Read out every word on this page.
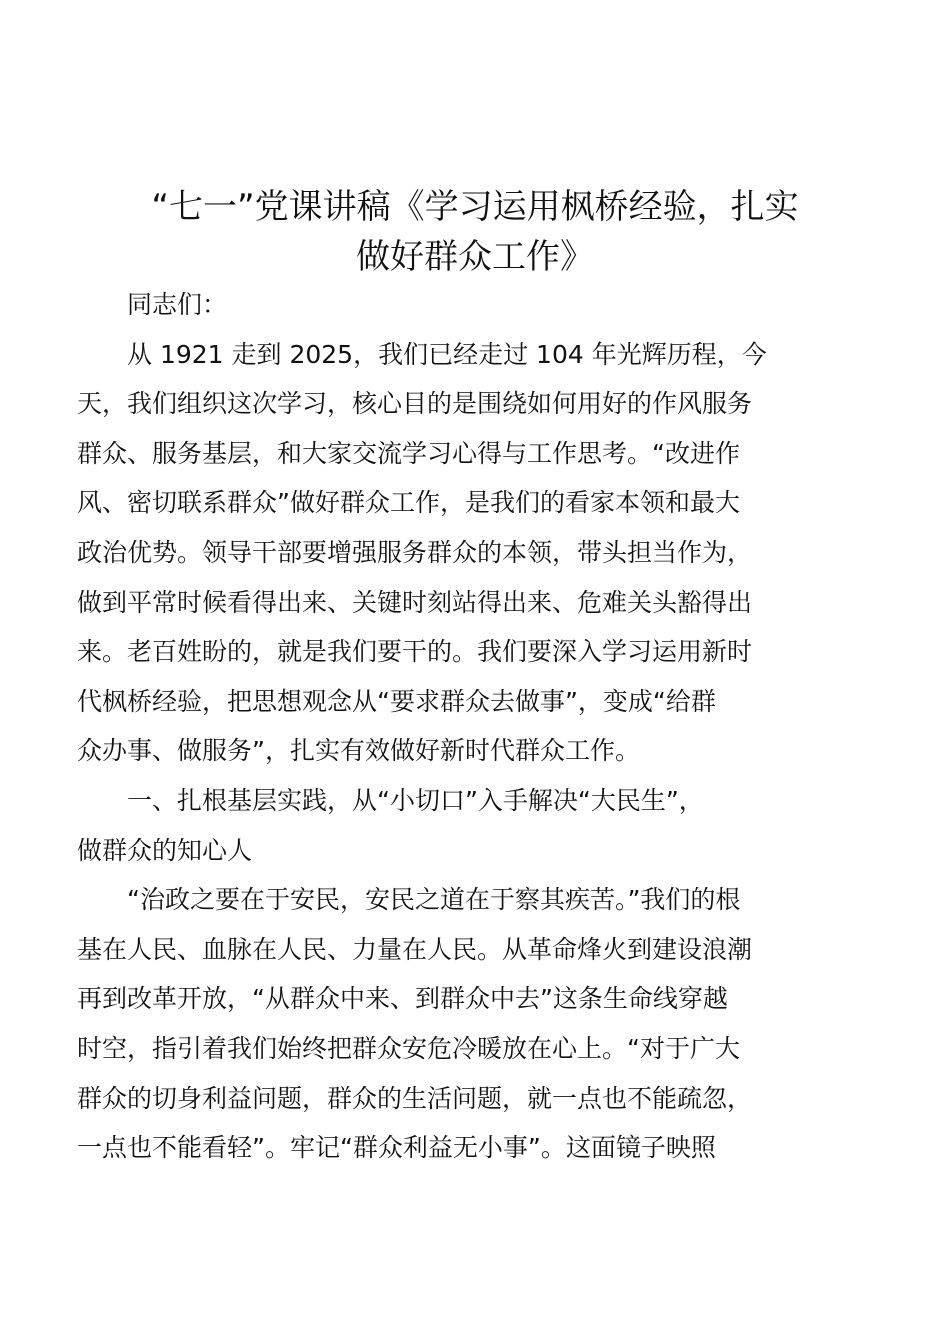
“七一”党课讲稿《学习运用枫桥经验，扎实
做好群众工作》

同志们：

从 1921 走到 2025，我们已经走过 104 年光辉历程，今
天，我们组织这次学习，核心目的是围绕如何用好的作风服务
群众、服务基层，和大家交流学习心得与工作思考。“改进作
风、密切联系群众”做好群众工作，是我们的看家本领和最大
政治优势。领导干部要增强服务群众的本领，带头担当作为，
做到平常时候看得出来、关键时刻站得出来、危难关头豁得出
来。老百姓盼的，就是我们要干的。我们要深入学习运用新时
代枫桥经验，把思想观念从“要求群众去做事”，变成“给群
众办事、做服务”，扎实有效做好新时代群众工作。

一、扎根基层实践，从“小切口”入手解决“大民生”，
做群众的知心人

“治政之要在于安民，安民之道在于察其疾苦。”我们的根
基在人民、血脉在人民、力量在人民。从革命烽火到建设浪潮
再到改革开放，“从群众中来、到群众中去”这条生命线穿越
时空，指引着我们始终把群众安危冷暖放在心上。“对于广大
群众的切身利益问题，群众的生活问题，就一点也不能疏忽，
一点也不能看轻”。牢记“群众利益无小事”。这面镜子映照
